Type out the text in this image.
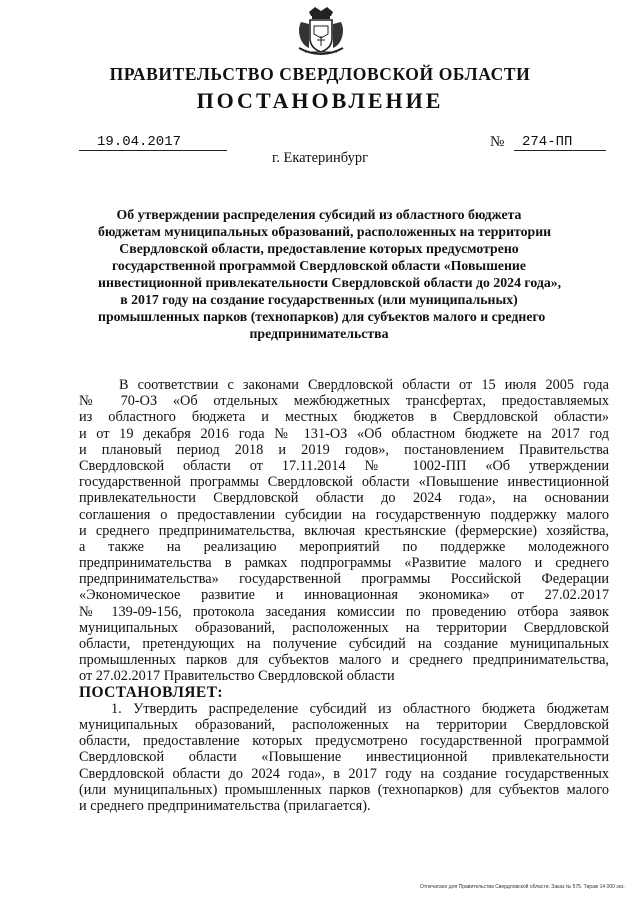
ПРАВИТЕЛЬСТВО СВЕРДЛОВСКОЙ ОБЛАСТИ
ПОСТАНОВЛЕНИЕ
19.04.2017	№	274-ПП
г. Екатеринбург
Об утверждении распределения субсидий из областного бюджета
бюджетам муниципальных образований, расположенных на территории
Свердловской области, предоставление которых предусмотрено
государственной программой Свердловской области «Повышение
инвестиционной привлекательности Свердловской области до 2024 года»,
в 2017 году на создание государственных (или муниципальных)
промышленных парков (технопарков) для субъектов малого и среднего
предпринимательства
В соответствии с законами Свердловской области от 15 июля 2005 года
№ 70-ОЗ «Об отдельных межбюджетных трансфертах, предоставляемых
из областного бюджета и местных бюджетов в Свердловской области»
и от 19 декабря 2016 года № 131-ОЗ «Об областном бюджете на 2017 год
и плановый период 2018 и 2019 годов», постановлением Правительства
Свердловской области от 17.11.2014 № 1002-ПП «Об утверждении
государственной программы Свердловской области «Повышение инвестиционной
привлекательности Свердловской области до 2024 года», на основании
соглашения о предоставлении субсидии на государственную поддержку малого
и среднего предпринимательства, включая крестьянские (фермерские) хозяйства,
а также на реализацию мероприятий по поддержке молодежного
предпринимательства в рамках подпрограммы «Развитие малого и среднего
предпринимательства» государственной программы Российской Федерации
«Экономическое развитие и инновационная экономика» от 27.02.2017
№ 139-09-156, протокола заседания комиссии по проведению отбора заявок
муниципальных образований, расположенных на территории Свердловской
области, претендующих на получение субсидий на создание муниципальных
промышленных парков для субъектов малого и среднего предпринимательства,
от 27.02.2017 Правительство Свердловской области
ПОСТАНОВЛЯЕТ:
1. Утвердить распределение субсидий из областного бюджета бюджетам
муниципальных образований, расположенных на территории Свердловской
области, предоставление которых предусмотрено государственной программой
Свердловской области «Повышение инвестиционной привлекательности
Свердловской области до 2024 года», в 2017 году на создание государственных
(или муниципальных) промышленных парков (технопарков) для субъектов малого
и среднего предпринимательства (прилагается).
Отпечатано для Правительства Свердловской области. Заказ № 575. Тираж 14 000 экз.
